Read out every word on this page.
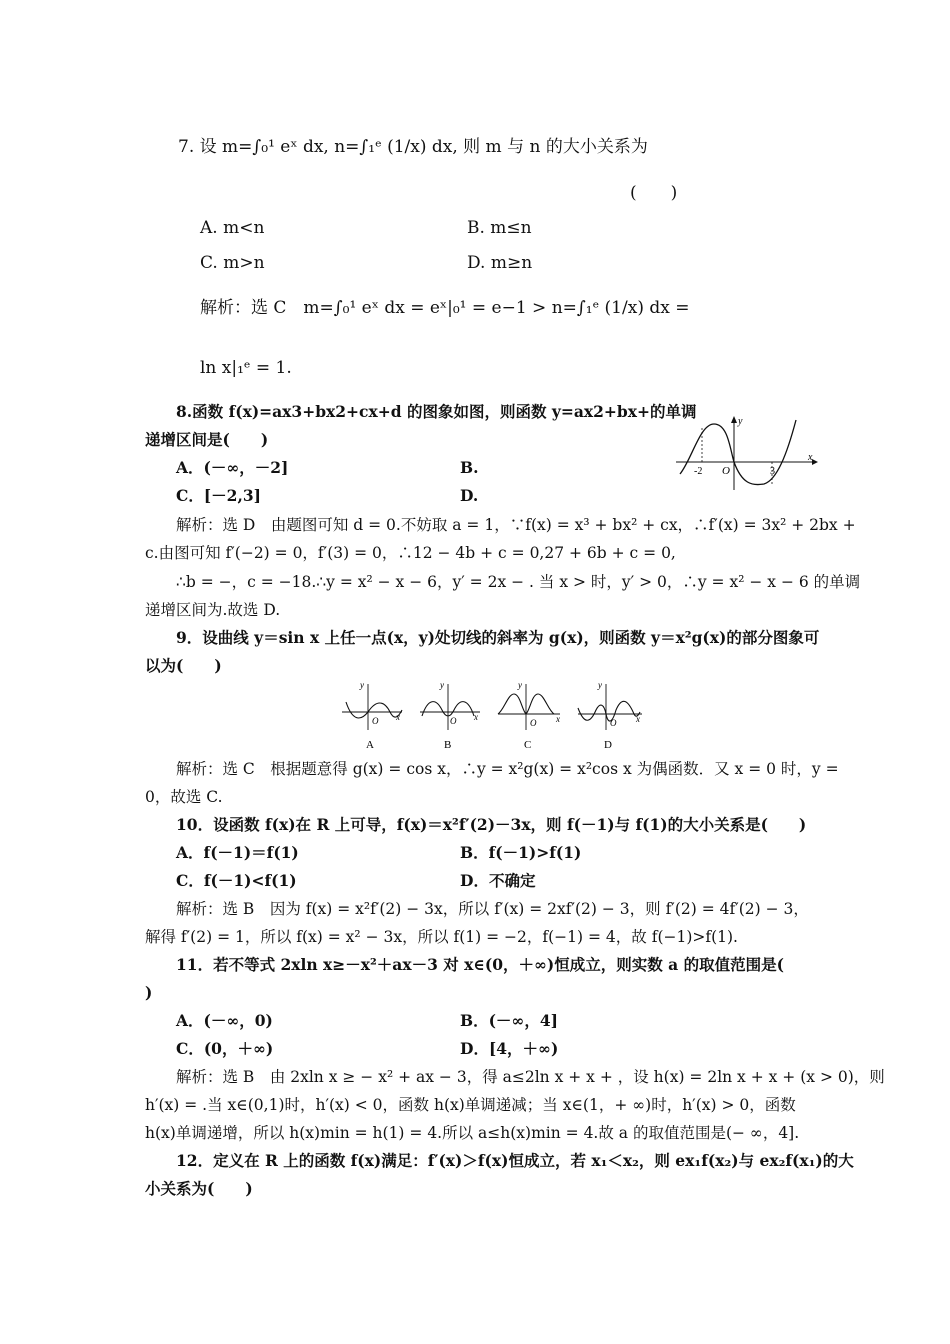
7. 设 m=∫₀¹ eˣ dx, n=∫₁ᵉ (1/x) dx, 则 m 与 n 的大小关系为
(　　)
A. m<n	B. m≤n
C. m>n	D. m≥n
解析：选 C　m=∫₀¹ eˣ dx = eˣ|₀¹ = e−1 > n=∫₁ᵉ (1/x) dx =
ln x|₁ᵉ = 1.
8.函数 f(x)=ax3+bx2+cx+d 的图象如图，则函数 y=ax2+bx+的单调
递增区间是(　　)
A．(－∞，－2]	B.
C．[－2,3]	D.
y
x
O
-2	3
解析：选 D　由题图可知 d = 0.不妨取 a = 1，∵f(x) = x³ + bx² + cx，∴f′(x) = 3x² + 2bx +
c.由图可知 f′(−2) = 0，f′(3) = 0，∴12 − 4b + c = 0,27 + 6b + c = 0,
∴b = −，c = −18.∴y = x² − x − 6，y′ = 2x − . 当 x > 时，y′ > 0，∴y = x² − x − 6 的单调
递增区间为.故选 D.
9．设曲线 y＝sin x 上任一点(x，y)处切线的斜率为 g(x)，则函数 y＝x²g(x)的部分图象可
以为(　　)
y
x
O
A
y
x
O
B
y
x
O
C
y
x
O
D
解析：选 C　根据题意得 g(x) = cos x，∴y = x²g(x) = x²cos x 为偶函数．又 x = 0 时，y =
0，故选 C.
10．设函数 f(x)在 R 上可导，f(x)＝x²f′(2)－3x，则 f(－1)与 f(1)的大小关系是(　　)
A．f(－1)＝f(1)	B．f(－1)>f(1)
C．f(－1)<f(1)	D．不确定
解析：选 B　因为 f(x) = x²f′(2) − 3x，所以 f′(x) = 2xf′(2) − 3，则 f′(2) = 4f′(2) − 3，
解得 f′(2) = 1，所以 f(x) = x² − 3x，所以 f(1) = −2，f(−1) = 4，故 f(−1)>f(1).
11．若不等式 2xln x≥－x²＋ax－3 对 x∈(0，＋∞)恒成立，则实数 a 的取值范围是(
)
A．(－∞，0)	B．(－∞，4]
C．(0，＋∞)	D．[4，＋∞)
解析：选 B　由 2xln x ≥ − x² + ax − 3，得 a≤2ln x + x + ，设 h(x) = 2ln x + x + (x > 0)，则
h′(x) = .当 x∈(0,1)时，h′(x) < 0，函数 h(x)单调递减；当 x∈(1，+ ∞)时，h′(x) > 0，函数
h(x)单调递增，所以 h(x)min = h(1) = 4.所以 a≤h(x)min = 4.故 a 的取值范围是(− ∞，4].
12．定义在 R 上的函数 f(x)满足：f′(x)＞f(x)恒成立，若 x₁＜x₂，则 ex₁f(x₂)与 ex₂f(x₁)的大
小关系为(　　)
